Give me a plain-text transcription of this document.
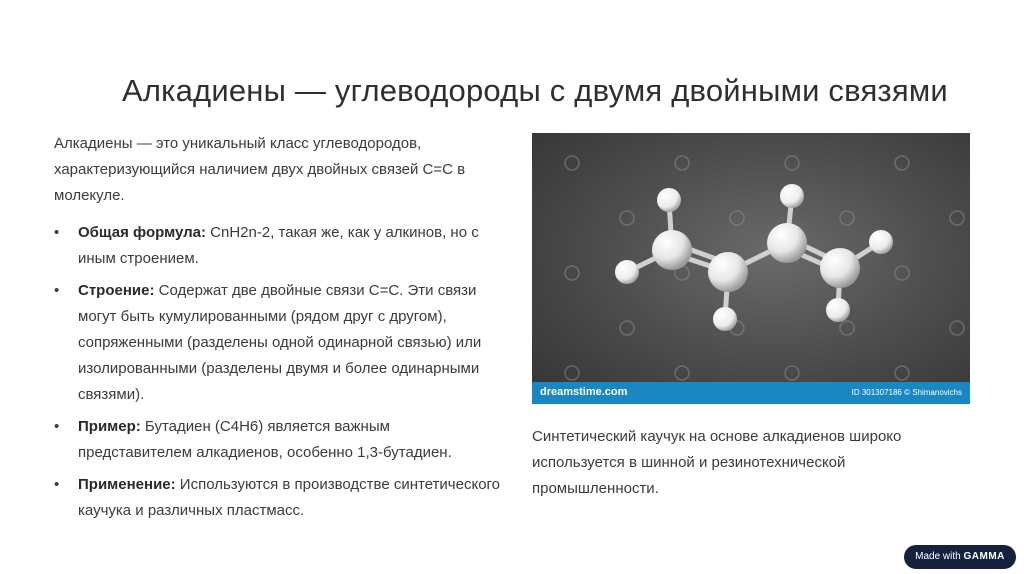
Алкадиены — углеводороды с двумя двойными связями

Алкадиены — это уникальный класс углеводородов, характеризующийся наличием двух двойных связей C=C в молекуле.

• Общая формула: CnH2n-2, такая же, как у алкинов, но с иным строением.
• Строение: Содержат две двойные связи C=C. Эти связи могут быть кумулированными (рядом друг с другом), сопряженными (разделены одной одинарной связью) или изолированными (разделены двумя и более одинарными связями).
• Пример: Бутадиен (C4H6) является важным представителем алкадиенов, особенно 1,3-бутадиен.
• Применение: Используются в производстве синтетического каучука и различных пластмасс.
dreamstime.com	ID 301307186 © Shimanovichs

Синтетический каучук на основе алкадиенов широко используется в шинной и резинотехнической промышленности.

Made with GAMMA
